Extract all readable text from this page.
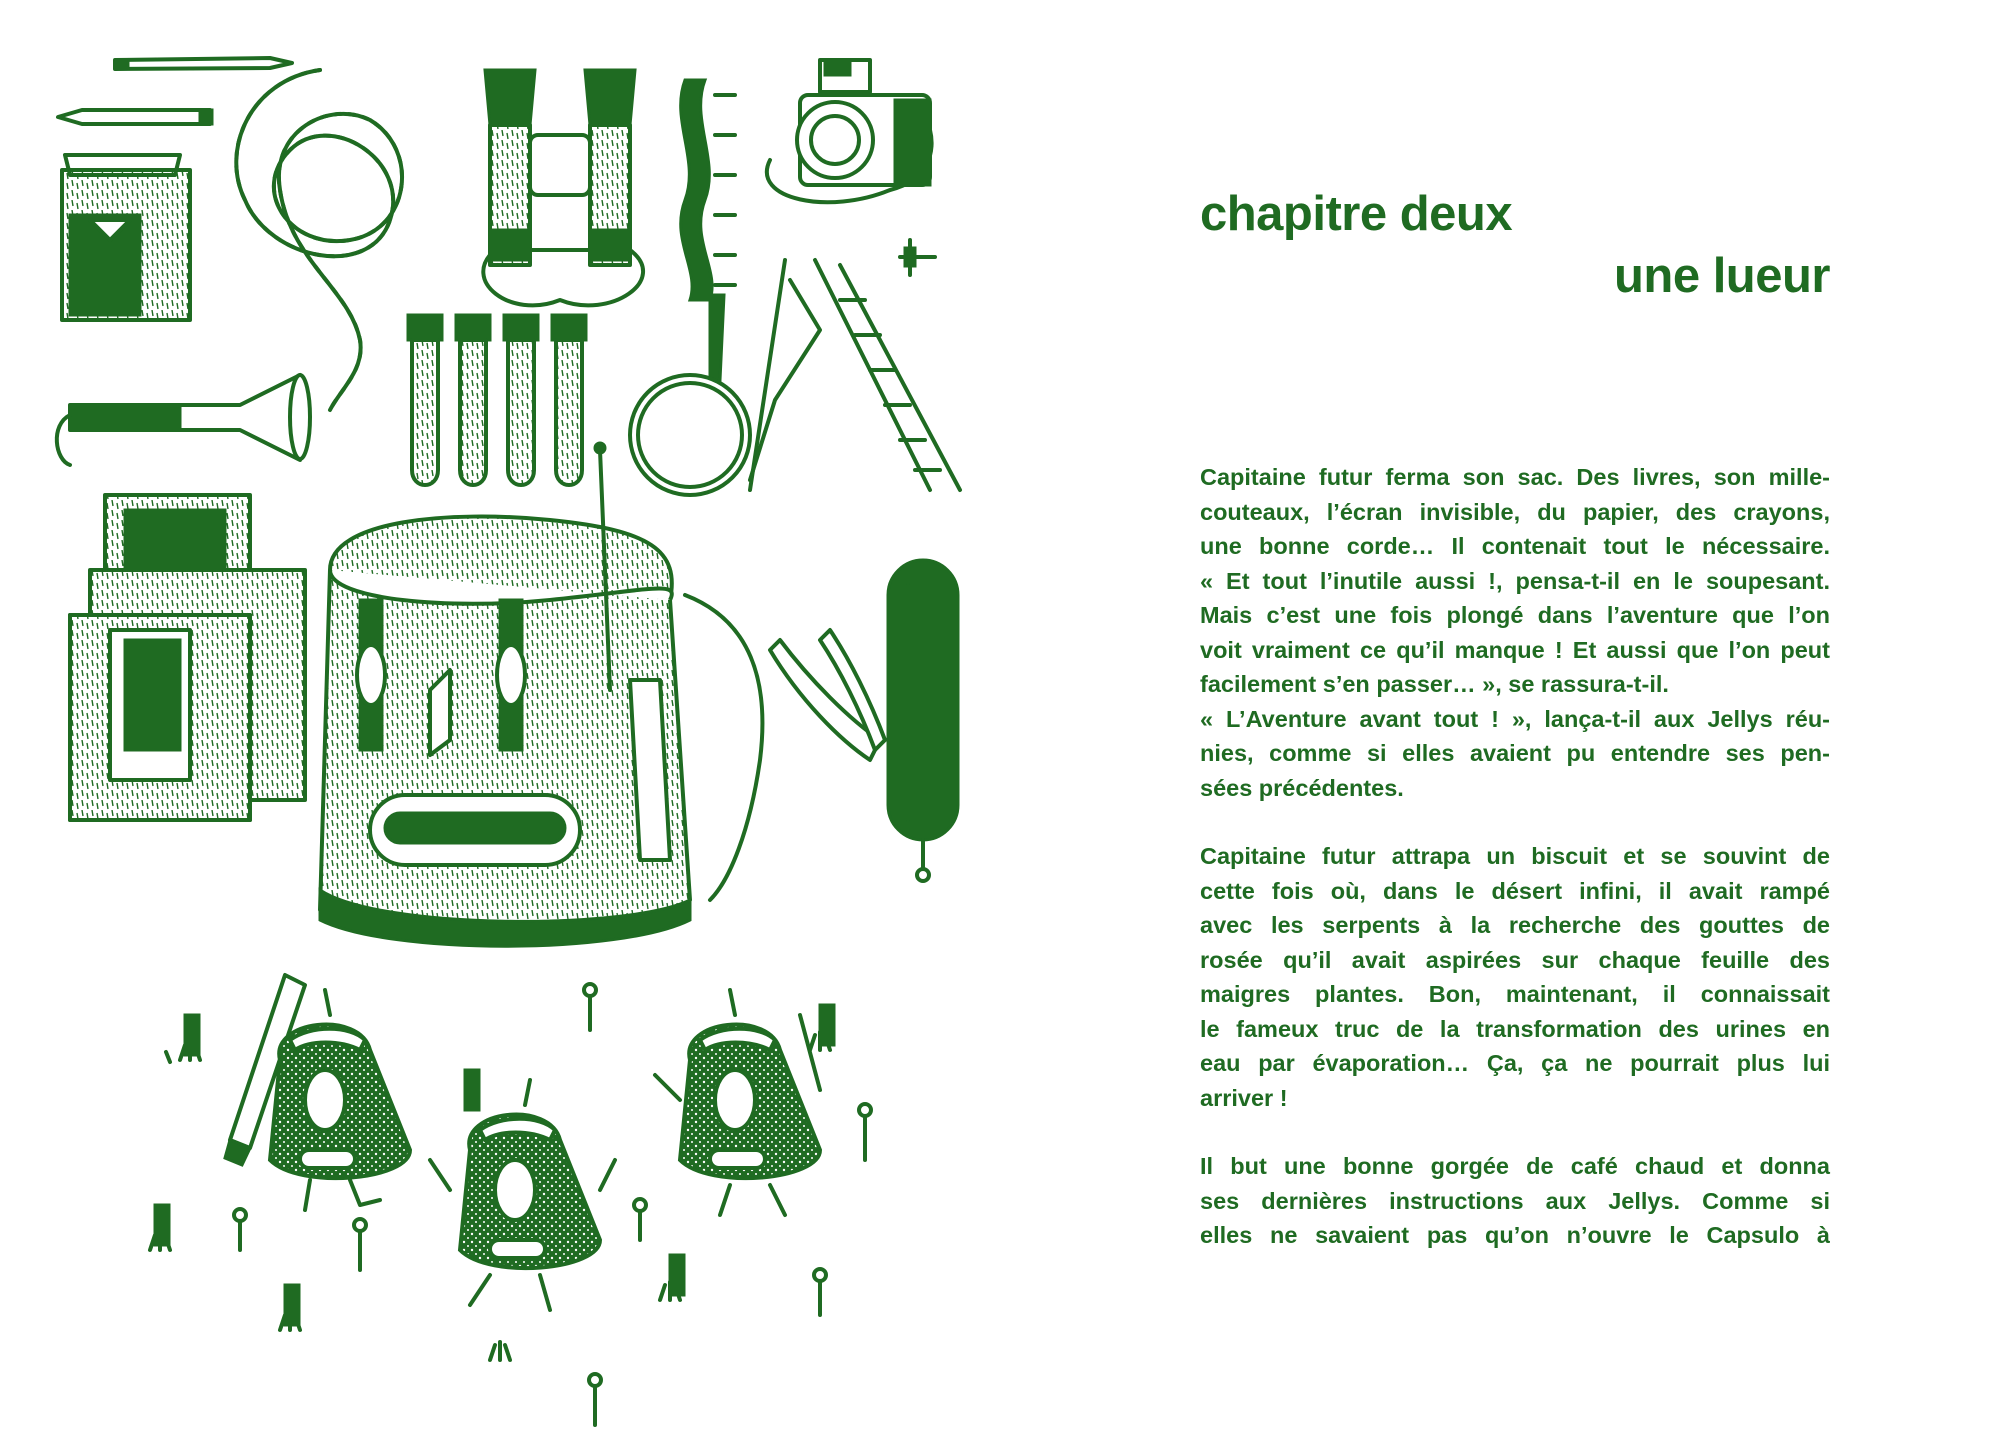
chapitre deux
une lueur

Capitaine futur ferma son sac. Des livres, son mille-
couteaux, l’écran invisible, du papier, des crayons,
une bonne corde… Il contenait tout le nécessaire.
« Et tout l’inutile aussi !, pensa-t-il en le soupesant.
Mais c’est une fois plongé dans l’aventure que l’on
voit vraiment ce qu’il manque ! Et aussi que l’on peut
facilement s’en passer… », se rassura-t-il.
« L’Aventure avant tout ! », lança-t-il aux Jellys réu-
nies, comme si elles avaient pu entendre ses pen-
sées précédentes.

Capitaine futur attrapa un biscuit et se souvint de
cette fois où, dans le désert infini, il avait rampé
avec les serpents à la recherche des gouttes de
rosée qu’il avait aspirées sur chaque feuille des
maigres plantes. Bon, maintenant, il connaissait
le fameux truc de la transformation des urines en
eau par évaporation… Ça, ça ne pourrait plus lui
arriver !

Il but une bonne gorgée de café chaud et donna
ses dernières instructions aux Jellys. Comme si
elles ne savaient pas qu’on n’ouvre le Capsulo à
